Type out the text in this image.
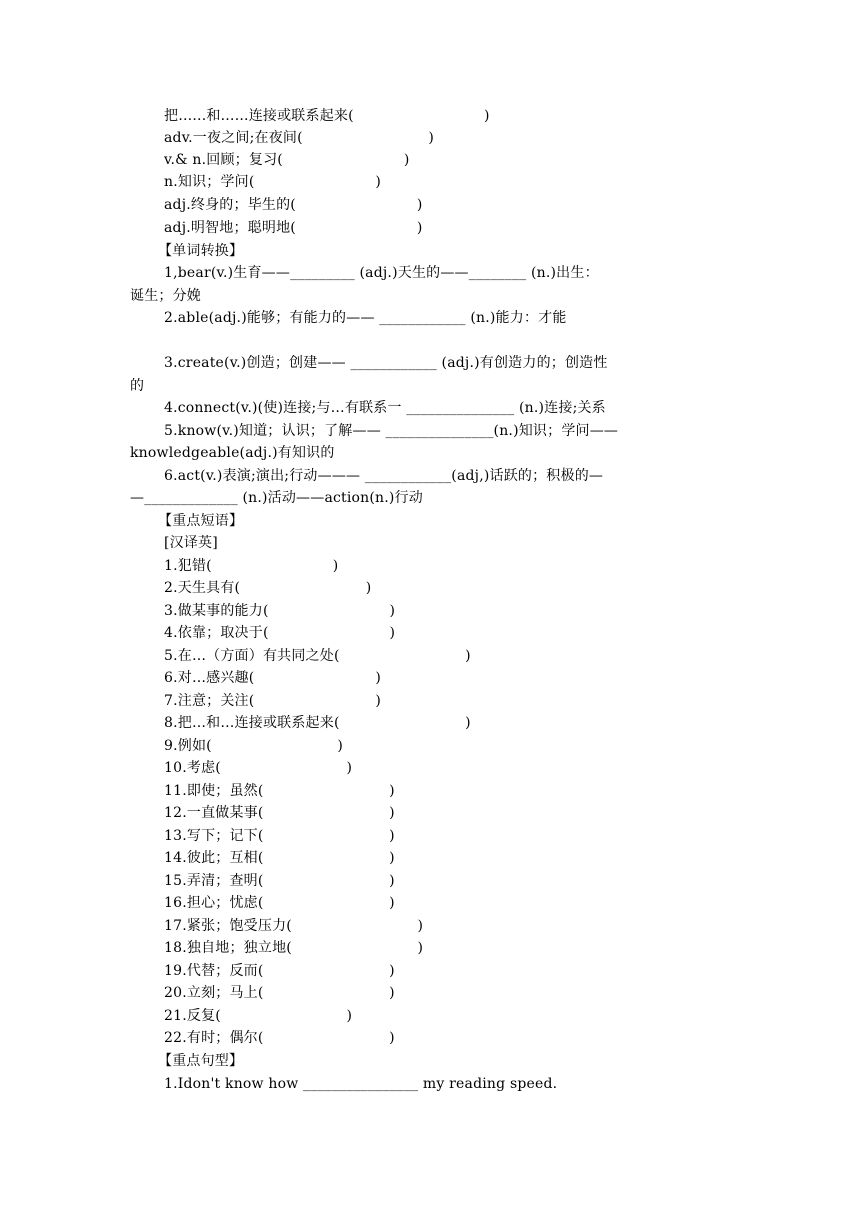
把…...和…...连接或联系起来(                            )
adv.一夜之间;在夜间(                           )
v.& n.回顾；复习(                          )
n.知识；学问(                          )
adj.终身的；毕生的(                          )
adj.明智地；聪明地(                          )
【单词转换】
1,bear(v.)生育——_________ (adj.)天生的——________ (n.)出生：
诞生；分娩
2.able(adj.)能够；有能力的—— ____________ (n.)能力：才能
3.create(v.)创造；创建—— ____________ (adj.)有创造力的；创造性
的
4.connect(v.)(使)连接;与…有联系一 _______________ (n.)连接;关系
5.know(v.)知道；认识；了解—— _______________(n.)知识；学问——
knowledgeable(adj.)有知识的
6.act(v.)表演;演出;行动——— ____________(adj,)话跃的；积极的—
—_____________ (n.)活动——action(n.)行动
【重点短语】
[汉译英]
1.犯错(                          )
2.天生具有(                           )
3.做某事的能力(                          )
4.依靠；取决于(                          )
5.在…（方面）有共同之处(                           )
6.对…感兴趣(                          )
7.注意；关注(                          )
8.把…和…连接或联系起来(                           )
9.例如(                           )
10.考虑(                           )
11.即使；虽然(                           )
12.一直做某事(                           )
13.写下；记下(                           )
14.彼此；互相(                           )
15.弄清；查明(                           )
16.担心；忧虑(                           )
17.紧张；饱受压力(                           )
18.独自地；独立地(                           )
19.代替；反而(                           )
20.立刻；马上(                           )
21.反复(                           )
22.有时；偶尔(                           )
【重点句型】
1.Idon't know how ________________ my reading speed.
